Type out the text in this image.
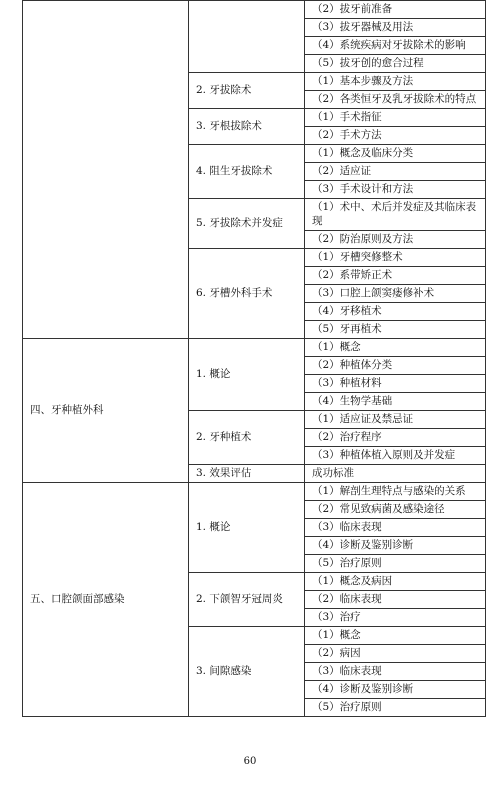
		（2）拔牙前准备
		（3）拔牙器械及用法
		（4）系统疾病对牙拔除术的影响
		（5）拔牙创的愈合过程
	2. 牙拔除术	（1）基本步骤及方法
		（2）各类恒牙及乳牙拔除术的特点
	3. 牙根拔除术	（1）手术指征
		（2）手术方法
	4. 阻生牙拔除术	（1）概念及临床分类
		（2）适应证
		（3）手术设计和方法
	5. 牙拔除术并发症	（1）术中、术后并发症及其临床表现
		（2）防治原则及方法
	6. 牙槽外科手术	（1）牙槽突修整术
		（2）系带矫正术
		（3）口腔上颌窦瘘修补术
		（4）牙移植术
		（5）牙再植术
四、牙种植外科	1. 概论	（1）概念
		（2）种植体分类
		（3）种植材料
		（4）生物学基础
	2. 牙种植术	（1）适应证及禁忌证
		（2）治疗程序
		（3）种植体植入原则及并发症
	3. 效果评估	成功标准
五、口腔颌面部感染	1. 概论	（1）解剖生理特点与感染的关系
		（2）常见致病菌及感染途径
		（3）临床表现
		（4）诊断及鉴别诊断
		（5）治疗原则
	2. 下颌智牙冠周炎	（1）概念及病因
		（2）临床表现
		（3）治疗
	3. 间隙感染	（1）概念
		（2）病因
		（3）临床表现
		（4）诊断及鉴别诊断
		（5）治疗原则
60
